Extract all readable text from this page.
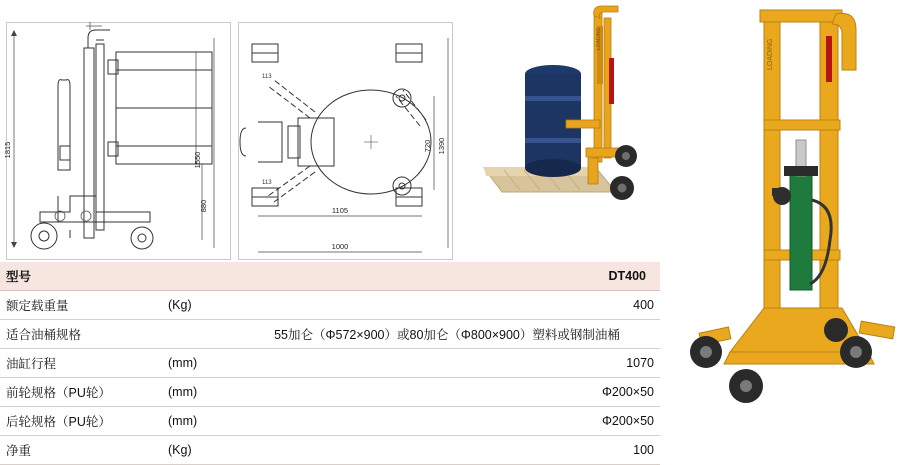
1815
1550
880
720 1390
1105
1000
113
113
LOADING	LOADING
型号		DT400
额定载重量	(Kg)	400
适合油桶规格		55加仑（Φ572×900）或80加仑（Φ800×900）塑料或钢制油桶
油缸行程	(mm)	1070
前轮规格（PU轮）	(mm)	Φ200×50
后轮规格（PU轮）	(mm)	Φ200×50
净重	(Kg)	100
